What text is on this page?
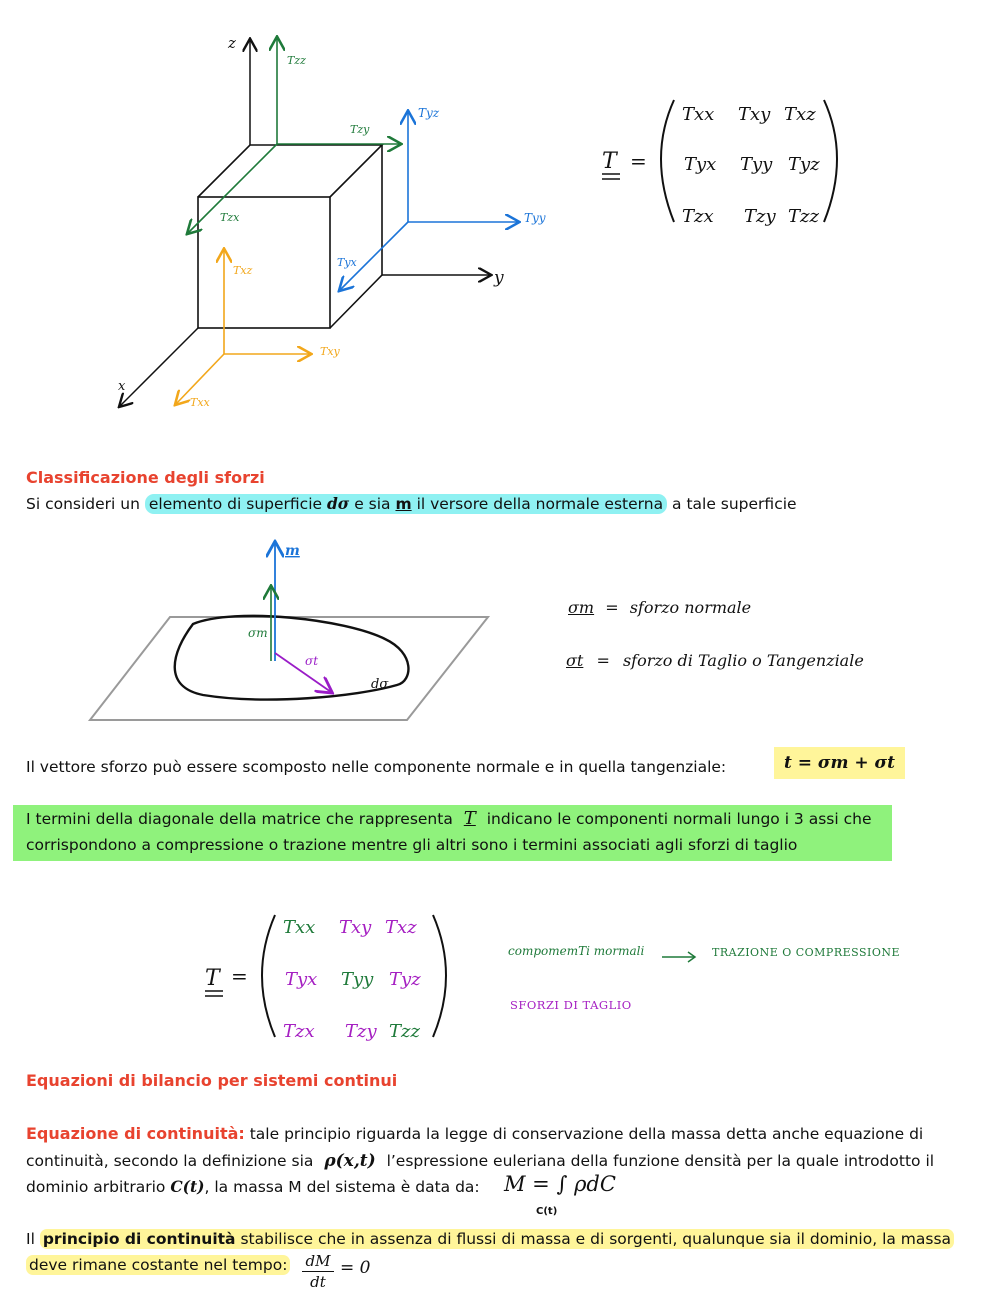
z
y
x
Tzz
Tzy
Tzx
Tyz
Tyy
Tyx
Txz
Txy
Txx
T =
Txx Txy Txz
Tyx Tyy Tyz
Tzx Tzy Tzz
Classificazione degli sforzi
Si consideri un elemento di superficie dσ e sia m il versore della normale esterna a tale superficie
m
σm
σt
dσ
σm = sforzo normale
σt = sforzo di Taglio o Tangenziale
Il vettore sforzo può essere scomposto nelle componente normale e in quella tangenziale:	t = σm + σt
I termini della diagonale della matrice che rappresenta T indicano le componenti normali lungo i 3 assi che
corrispondono a compressione o trazione mentre gli altri sono i termini associati agli sforzi di taglio
T =
Txx Txy Txz
Tyx Tyy Tyz
Tzx Tzy Tzz
compomemTi mormali	TRAZIONE O COMPRESSIONE
SFORZI DI TAGLIO
Equazioni di bilancio per sistemi continui
Equazione di continuità: tale principio riguarda la legge di conservazione della massa detta anche equazione di
continuità, secondo la definizione sia ρ(x,t) l’espressione euleriana della funzione densità per la quale introdotto il
dominio arbitrario C(t), la massa M del sistema è data da: M = ∫ ρdC
C(t)
Il principio di continuità stabilisce che in assenza di flussi di massa e di sorgenti, qualunque sia il dominio, la massa
deve rimane costante nel tempo: dM
dt
= 0
